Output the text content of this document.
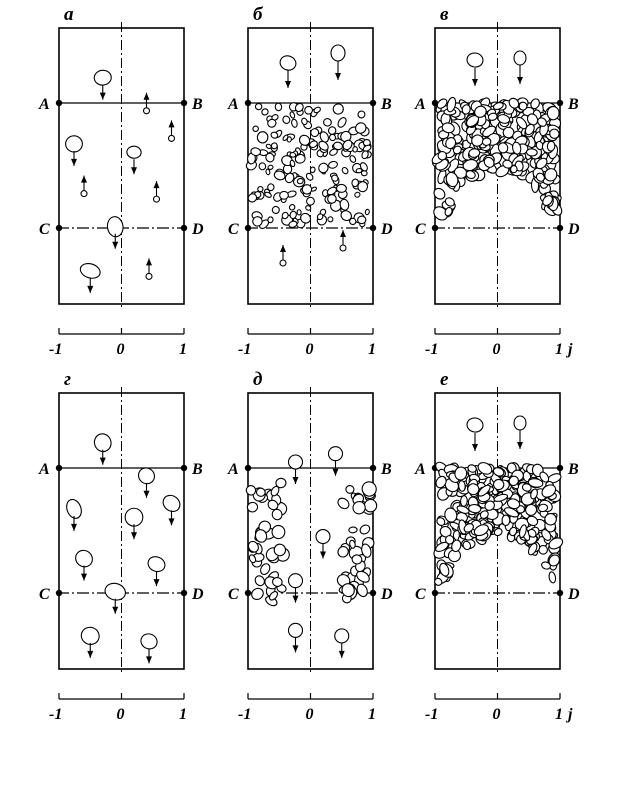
а
A	B
C	D
-1	0	1
б
A	B
C	D
-1	0	1
в
A	B
C	D
-1	0	1 j
г
A	B
C	D
-1	0	1
д
A	B
C	D
-1	0	1
е
A	B
C	D
-1	0	1 j
